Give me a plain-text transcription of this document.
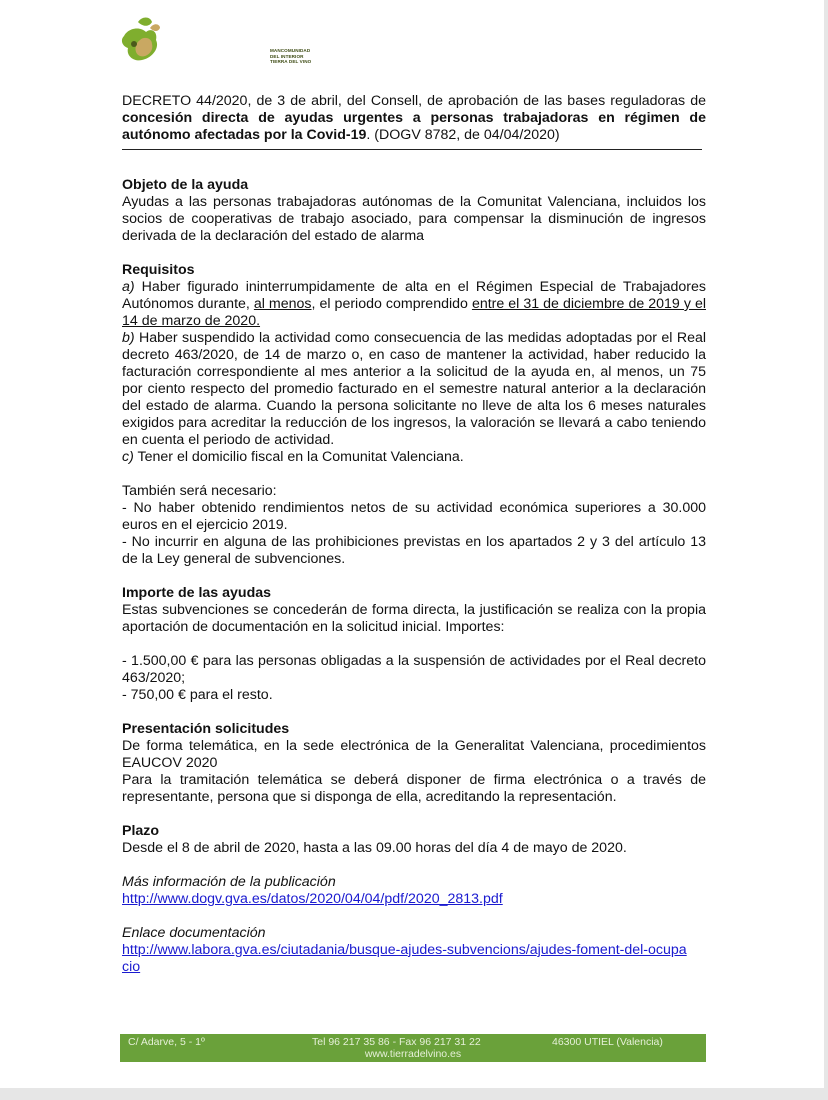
MANCOMUNIDAD
DEL INTERIOR
TIERRA DEL VINO

DECRETO 44/2020, de 3 de abril, del Consell, de aprobación de las bases reguladoras de concesión directa de ayudas urgentes a personas trabajadoras en régimen de autónomo afectadas por la Covid-19. (DOGV 8782, de 04/04/2020)

Objeto de la ayuda

Ayudas a las personas trabajadoras autónomas de la Comunitat Valenciana, incluidos los socios de cooperativas de trabajo asociado, para compensar la disminución de ingresos derivada de la declaración del estado de alarma

Requisitos

a) Haber figurado ininterrumpidamente de alta en el Régimen Especial de Trabajadores Autónomos durante, al menos, el periodo comprendido entre el 31 de diciembre de 2019 y el 14 de marzo de 2020.

b) Haber suspendido la actividad como consecuencia de las medidas adoptadas por el Real decreto 463/2020, de 14 de marzo o, en caso de mantener la actividad, haber reducido la facturación correspondiente al mes anterior a la solicitud de la ayuda en, al menos, un 75 por ciento respecto del promedio facturado en el semestre natural anterior a la declaración del estado de alarma. Cuando la persona solicitante no lleve de alta los 6 meses naturales exigidos para acreditar la reducción de los ingresos, la valoración se llevará a cabo teniendo en cuenta el periodo de actividad.

c) Tener el domicilio fiscal en la Comunitat Valenciana.

También será necesario:

- No haber obtenido rendimientos netos de su actividad económica superiores a 30.000 euros en el ejercicio 2019.

- No incurrir en alguna de las prohibiciones previstas en los apartados 2 y 3 del artículo 13 de la Ley general de subvenciones.

Importe de las ayudas

Estas subvenciones se concederán de forma directa, la justificación se realiza con la propia aportación de documentación en la solicitud inicial. Importes:

- 1.500,00 € para las personas obligadas a la suspensión de actividades por el Real decreto 463/2020;

- 750,00 € para el resto.

Presentación solicitudes

De forma telemática, en la sede electrónica de la Generalitat Valenciana, procedimientos EAUCOV 2020

Para la tramitación telemática se deberá disponer de firma electrónica o a través de representante, persona que si disponga de ella, acreditando la representación.

Plazo

Desde el 8 de abril de 2020, hasta a las 09.00 horas del día 4 de mayo de 2020.

Más información de la publicación

http://www.dogv.gva.es/datos/2020/04/04/pdf/2020_2813.pdf

Enlace documentación

http://www.labora.gva.es/ciutadania/busque-ajudes-subvencions/ajudes-foment-del-ocupacio

C/ Adarve, 5 - 1º	Tel 96 217 35 86 - Fax 96 217 31 22	46300 UTIEL (Valencia)
www.tierradelvino.es
